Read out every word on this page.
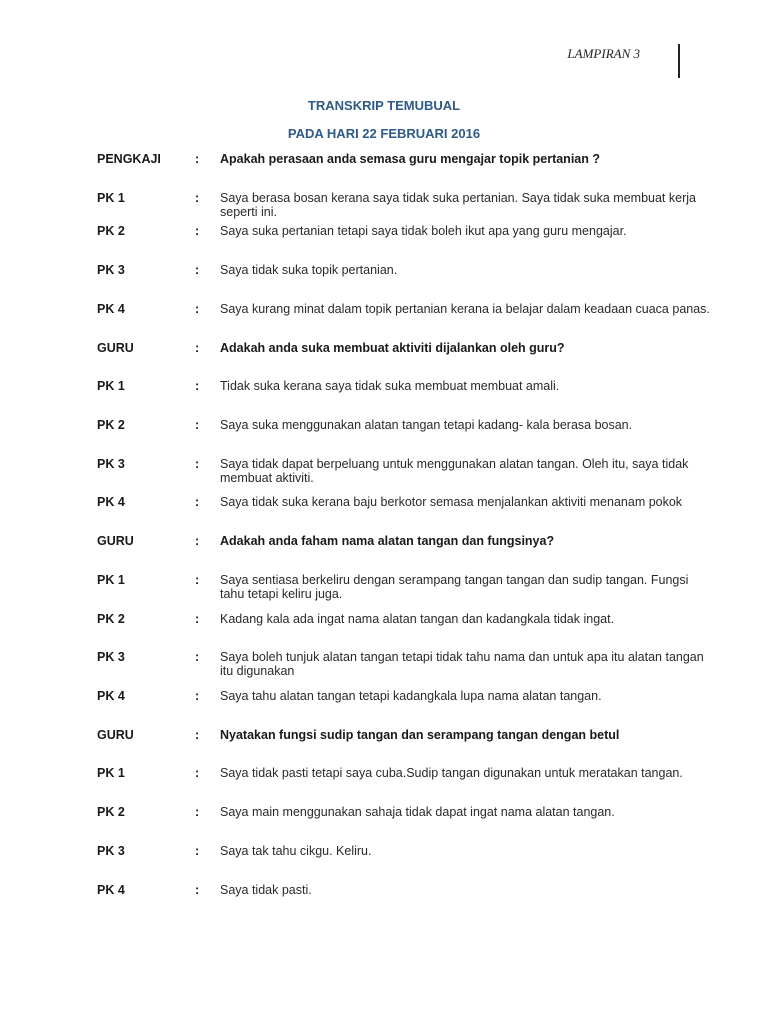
LAMPIRAN 3
TRANSKRIP TEMUBUAL
PADA HARI 22 FEBRUARI 2016
PENGKAJI	: Apakah perasaan anda semasa guru mengajar topik pertanian ?
PK 1	: Saya berasa bosan kerana saya tidak suka pertanian. Saya tidak suka membuat kerja seperti ini.
PK 2	: Saya suka pertanian tetapi saya tidak boleh ikut apa yang guru mengajar.
PK 3	: Saya tidak suka topik pertanian.
PK 4	: Saya kurang minat dalam topik pertanian kerana ia belajar dalam keadaan cuaca panas.
GURU	: Adakah anda suka membuat aktiviti dijalankan oleh guru?
PK 1	: Tidak suka kerana saya tidak suka membuat membuat amali.
PK 2	: Saya suka menggunakan alatan tangan tetapi kadang- kala berasa bosan.
PK 3	: Saya tidak dapat berpeluang untuk menggunakan alatan tangan. Oleh itu, saya tidak membuat aktiviti.
PK 4	: Saya tidak suka kerana baju berkotor semasa menjalankan aktiviti menanam pokok
GURU	: Adakah anda faham nama alatan tangan dan fungsinya?
PK 1	: Saya sentiasa berkeliru dengan serampang tangan tangan dan sudip tangan. Fungsi tahu tetapi keliru juga.
PK 2	: Kadang kala ada ingat nama alatan tangan dan kadangkala tidak ingat.
PK 3	: Saya boleh tunjuk alatan tangan tetapi tidak tahu nama dan untuk apa itu alatan tangan itu digunakan
PK 4	: Saya tahu alatan tangan tetapi kadangkala lupa nama alatan tangan.
GURU	: Nyatakan fungsi sudip tangan dan serampang tangan dengan betul
PK 1	: Saya tidak pasti tetapi saya cuba.Sudip tangan digunakan untuk meratakan tangan.
PK 2	: Saya main menggunakan sahaja tidak dapat ingat nama alatan tangan.
PK 3	: Saya tak tahu cikgu. Keliru.
PK 4	: Saya tidak pasti.
